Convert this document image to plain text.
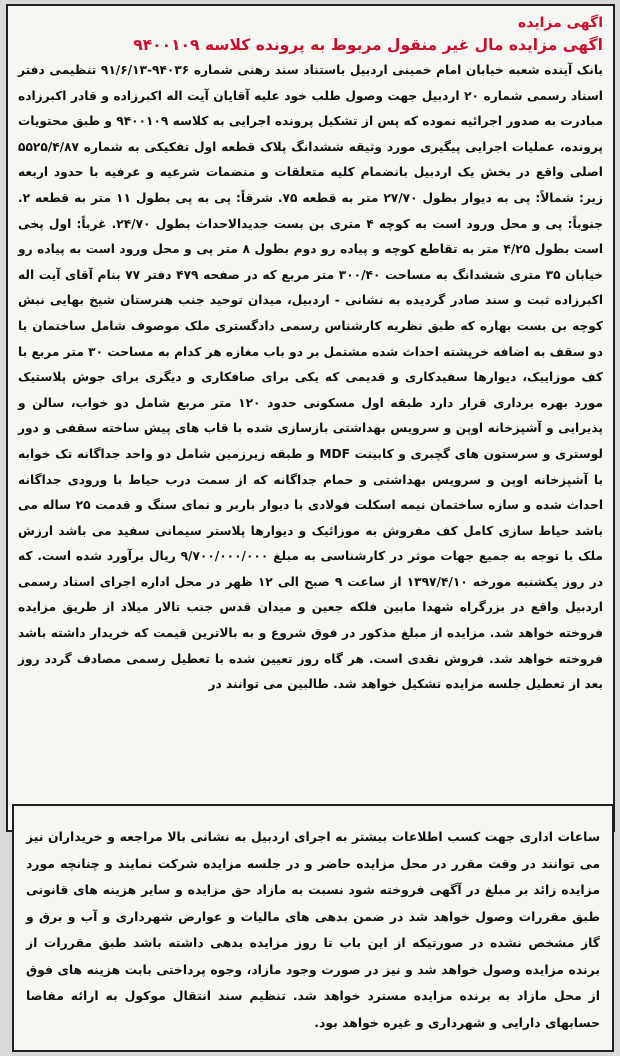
اگهی مزایده
اگهی مزایده مال غیر منقول مربوط به پرونده کلاسه ۹۴۰۰۱۰۹

بانک آینده شعبه خیابان امام خمینی اردبیل باستناد سند رهنی شماره ۹۴۰۳۶-۹۱/۶/۱۳ تنظیمی دفتر اسناد رسمی شماره ۲۰ اردبیل جهت وصول طلب خود علیه آقایان آیت اله اکبرزاده و قادر اکبرزاده مبادرت به صدور اجرائیه نموده که پس از تشکیل پرونده اجرایی به کلاسه ۹۴۰۰۱۰۹ و طبق محتویات پرونده، عملیات اجرایی پیگیری مورد وثیقه ششدانگ پلاک قطعه اول تفکیکی به شماره ۵۵۲۵/۴/۸۷ اصلی واقع در بخش یک اردبیل بانضمام کلیه متعلقات و منضمات شرعیه و عرفیه با حدود اربعه زیر: شمالاً: پی به دیوار بطول ۲۷/۷۰ متر به قطعه ۷۵. شرقاً: پی به پی بطول ۱۱ متر به قطعه ۲. جنوباً: پی و محل ورود است به کوچه ۴ متری بن بست جدیدالاحداث بطول ۲۴/۷۰. غرباً: اول پخی است بطول ۴/۲۵ متر به تقاطع کوچه و پیاده رو دوم بطول ۸ متر پی و محل ورود است به پیاده رو خیابان ۳۵ متری ششدانگ به مساحت ۳۰۰/۴۰ متر مربع که در صفحه ۴۷۹ دفتر ۷۷ بنام آقای آیت اله اکبرزاده ثبت و سند صادر گردیده به نشانی - اردبیل، میدان توحید جنب هنرستان شیخ بهایی نبش کوچه بن بست بهاره که طبق نظریه کارشناس رسمی دادگستری ملک موصوف شامل ساختمان با دو سقف به اضافه خرپشته احداث شده مشتمل بر دو باب مغازه هر کدام به مساحت ۳۰ متر مربع با کف موزاییک، دیوارها سفیدکاری و قدیمی که یکی برای صافکاری و دیگری برای جوش پلاستیک مورد بهره برداری قرار دارد طبقه اول مسکونی حدود ۱۲۰ متر مربع شامل دو خواب، سالن و پذیرایی و آشپزخانه اوپن و سرویس بهداشتی بازسازی شده با قاب های پیش ساخته سقفی و دور لوستری و سرستون های گچبری و کابینت MDF و طبقه زیرزمین شامل دو واحد جداگانه تک خوابه با آشپزخانه اوپن و سرویس بهداشتی و حمام جداگانه که از سمت درب حیاط با ورودی جداگانه احداث شده و سازه ساختمان نیمه اسکلت فولادی با دیوار باربر و نمای سنگ و قدمت ۲۵ ساله می باشد حیاط سازی کامل کف مفروش به موزائیک و دیوارها پلاستر سیمانی سفید می باشد ارزش ملک با توجه به جمیع جهات موثر در کارشناسی به مبلغ ۹/۷۰۰/۰۰۰/۰۰۰ ریال برآورد شده است. که در روز یکشنبه مورخه ۱۳۹۷/۴/۱۰ از ساعت ۹ صبح الی ۱۲ ظهر در محل اداره اجرای اسناد رسمی اردبیل واقع در بزرگراه شهدا مابین فلکه جعین و میدان قدس جنب تالار میلاد از طریق مزایده فروخته خواهد شد. مزایده از مبلغ مذکور در فوق شروع و به بالاترین قیمت که خریدار داشته باشد فروخته خواهد شد. فروش نقدی است. هر گاه روز تعیین شده با تعطیل رسمی مصادف گردد روز بعد از تعطیل جلسه مزایده تشکیل خواهد شد. طالبین می توانند در

ساعات اداری جهت کسب اطلاعات بیشتر به اجرای اردبیل به نشانی بالا مراجعه و خریداران نیز می توانند در وقت مقرر در محل مزایده حاضر و در جلسه مزایده شرکت نمایند و چنانچه مورد مزایده زائد بر مبلغ در آگهی فروخته شود نسبت به مازاد حق مزایده و سایر هزینه های قانونی طبق مقررات وصول خواهد شد در ضمن بدهی های مالیات و عوارض شهرداری و آب و برق و گاز مشخص نشده در صورتیکه از این باب تا روز مزایده بدهی داشته باشد طبق مقررات از برنده مزایده وصول خواهد شد و نیز در صورت وجود مازاد، وجوه پرداختی بابت هزینه های فوق از محل مازاد به برنده مزایده مسترد خواهد شد. تنظیم سند انتقال موکول به ارائه مفاصا حسابهای دارایی و شهرداری و غیره خواهد بود.
